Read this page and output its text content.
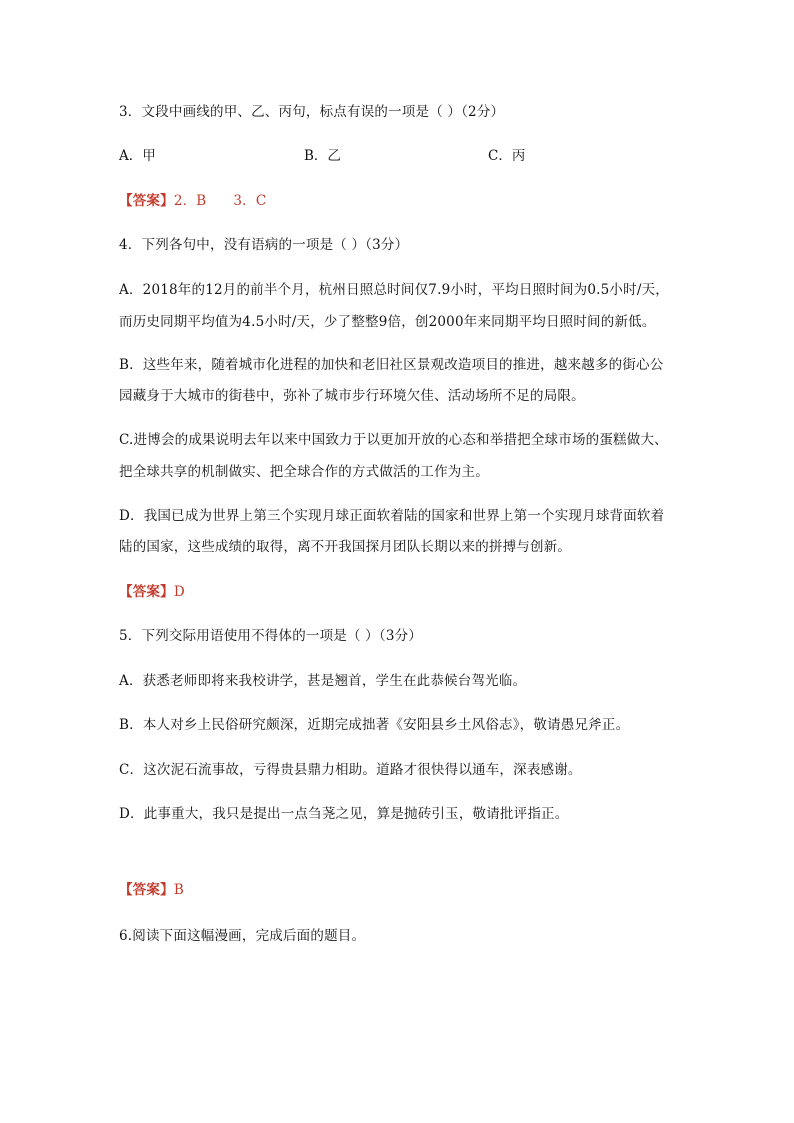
3．文段中画线的甲、乙、丙句，标点有误的一项是（ ）（2分）
A．甲	B．乙	C．丙
【答案】2．B      3．C
4．下列各句中，没有语病的一项是（ ）（3分）
A．2018年的12月的前半个月，杭州日照总时间仅7.9小时，平均日照时间为0.5小时/天，
而历史同期平均值为4.5小时/天，少了整整9倍，创2000年来同期平均日照时间的新低。
B．这些年来，随着城市化进程的加快和老旧社区景观改造项目的推进，越来越多的街心公
园藏身于大城市的街巷中，弥补了城市步行环境欠佳、活动场所不足的局限。
C.进博会的成果说明去年以来中国致力于以更加开放的心态和举措把全球市场的蛋糕做大、
把全球共享的机制做实、把全球合作的方式做活的工作为主。
D．我国已成为世界上第三个实现月球正面软着陆的国家和世界上第一个实现月球背面软着
陆的国家，这些成绩的取得，离不开我国探月团队长期以来的拼搏与创新。
【答案】D
5．下列交际用语使用不得体的一项是（ ）（3分）
A．获悉老师即将来我校讲学，甚是翘首，学生在此恭候台驾光临。
B．本人对乡上民俗研究颇深，近期完成拙著《安阳县乡土风俗志》，敬请愚兄斧正。
C．这次泥石流事故，亏得贵县鼎力相助。道路才很快得以通车，深表感谢。
D．此事重大，我只是提出一点刍荛之见，算是抛砖引玉，敬请批评指正。
【答案】B
6.阅读下面这幅漫画，完成后面的题目。
